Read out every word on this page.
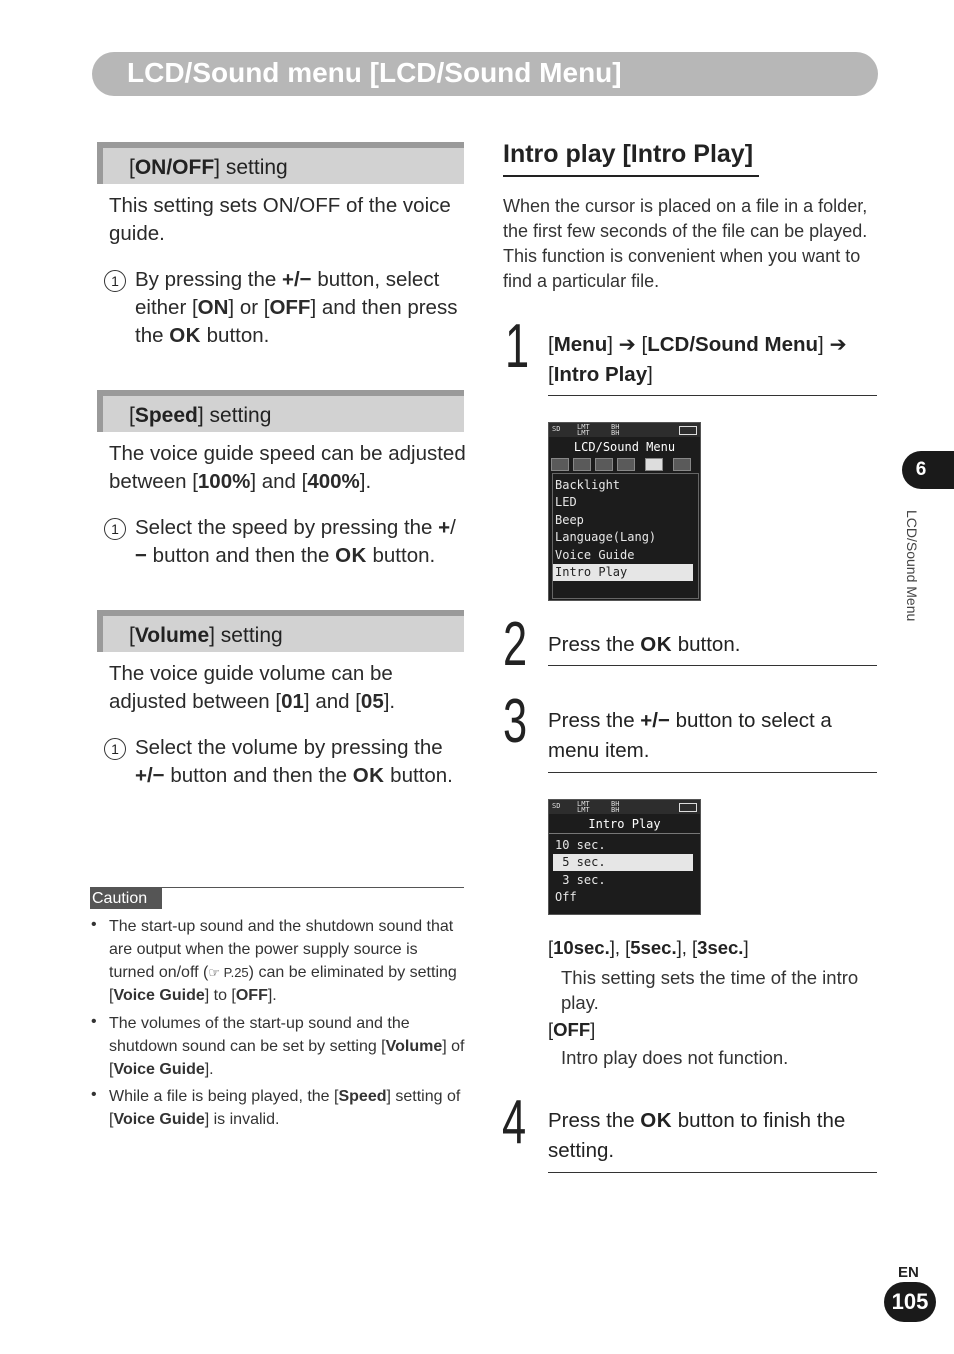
LCD/Sound menu [LCD/Sound Menu]
[ON/OFF] setting
This setting sets ON/OFF of the voice guide.
1 By pressing the +/− button, select either [ON] or [OFF] and then press the OK button.
[Speed] setting
The voice guide speed can be adjusted between [100%] and [400%].
1 Select the speed by pressing the +/− button and then the OK button.
[Volume] setting
The voice guide volume can be adjusted between [01] and [05].
1 Select the volume by pressing the +/− button and then the OK button.
Caution
• The start-up sound and the shutdown sound that are output when the power supply source is turned on/off (☞ P.25) can be eliminated by setting [Voice Guide] to [OFF].
• The volumes of the start-up sound and the shutdown sound can be set by setting [Volume] of [Voice Guide].
• While a file is being played, the [Speed] setting of [Voice Guide] is invalid.
Intro play [Intro Play]
When the cursor is placed on a file in a folder, the first few seconds of the file can be played. This function is convenient when you want to find a particular file.
1 [Menu] ➔ [LCD/Sound Menu] ➔ [Intro Play]
SD LMT
LMT
BH
BH
LCD/Sound Menu
Backlight
LED
Beep
Language(Lang)
Voice Guide
Intro Play
2 Press the OK button.
3 Press the +/− button to select a menu item.
SD LMT
LMT
BH
BH
Intro Play
10 sec.
5 sec.
3 sec.
Off
[10sec.], [5sec.], [3sec.]
This setting sets the time of the intro play.
[OFF]
Intro play does not function.
4 Press the OK button to finish the setting.
6
LCD/Sound Menu
EN
105
